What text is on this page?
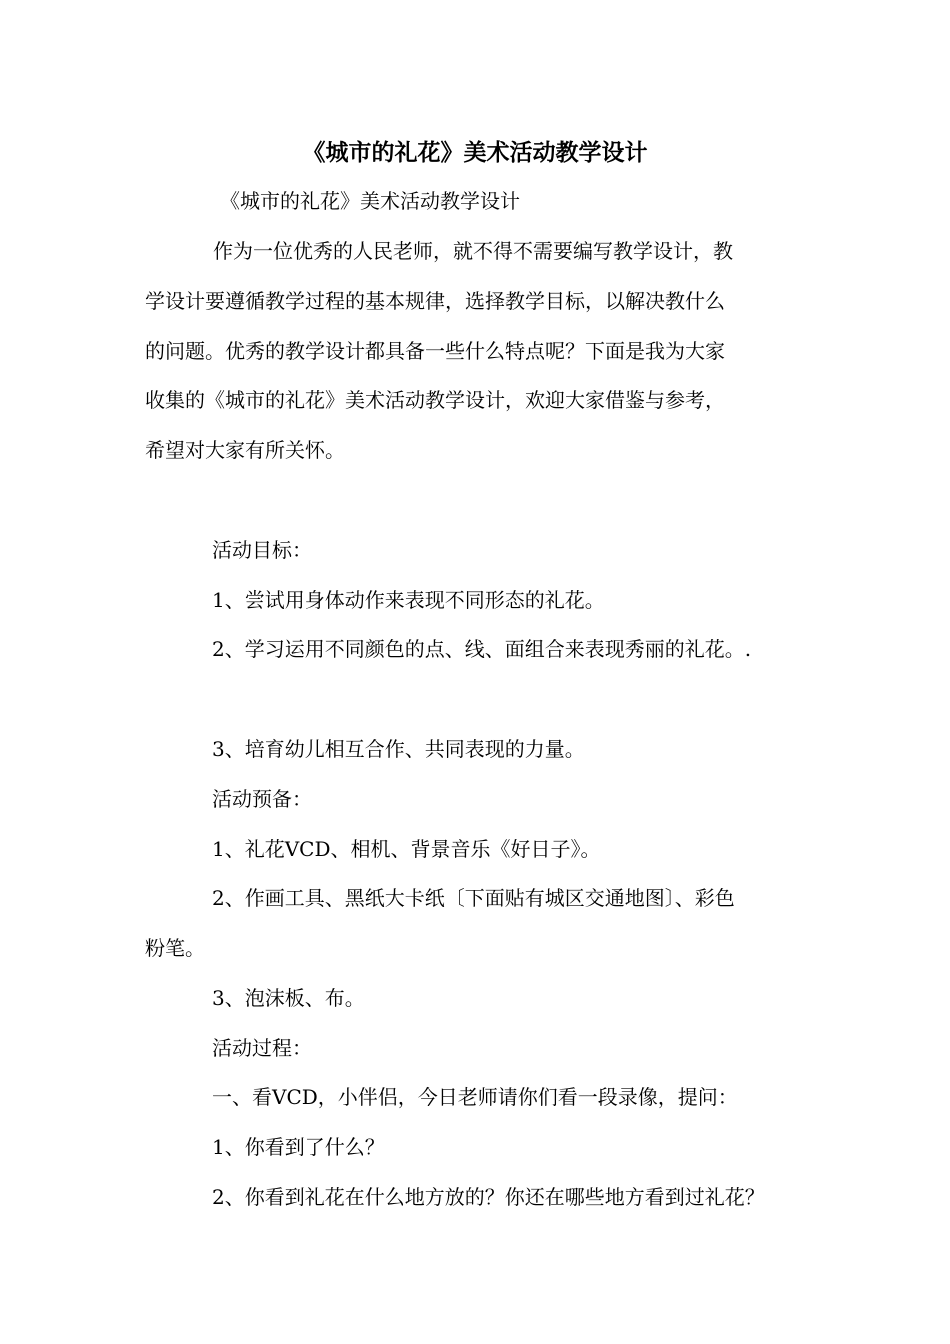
《城市的礼花》美术活动教学设计
《城市的礼花》美术活动教学设计
作为一位优秀的人民老师，就不得不需要编写教学设计，教
学设计要遵循教学过程的基本规律，选择教学目标，以解决教什么
的问题。优秀的教学设计都具备一些什么特点呢？下面是我为大家
收集的《城市的礼花》美术活动教学设计，欢迎大家借鉴与参考，
希望对大家有所关怀。
活动目标：
1、尝试用身体动作来表现不同形态的礼花。
2、学习运用不同颜色的点、线、面组合来表现秀丽的礼花。.
3、培育幼儿相互合作、共同表现的力量。
活动预备：
1、礼花VCD、相机、背景音乐《好日子》。
2、作画工具、黑纸大卡纸〔下面贴有城区交通地图〕、彩色
粉笔。
3、泡沫板、布。
活动过程：
一、看VCD，小伴侣，今日老师请你们看一段录像，提问：
1、你看到了什么？
2、你看到礼花在什么地方放的？你还在哪些地方看到过礼花？
